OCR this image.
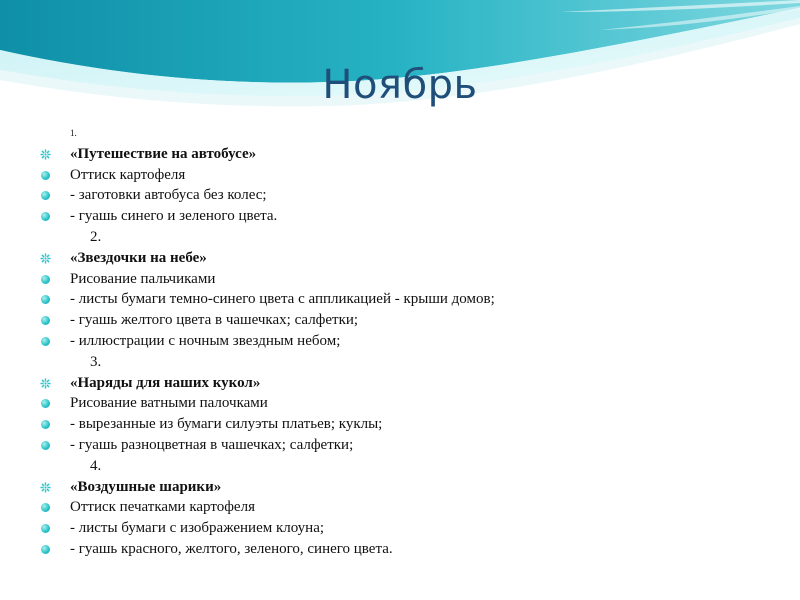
Ноябрь
$^{1.}$
«Путешествие на автобусе»
Оттиск картофеля
- заготовки автобуса без колес;
- гуашь синего и зеленого цвета.
2.
«Звездочки на небе»
Рисование пальчиками
- листы бумаги темно-синего цвета с аппликацией - крыши домов;
- гуашь желтого цвета в чашечках; салфетки;
- иллюстрации с ночным звездным небом;
3.
«Наряды для наших кукол»
Рисование ватными палочками
- вырезанные из бумаги силуэты платьев; куклы;
- гуашь разноцветная в чашечках; салфетки;
4.
«Воздушные шарики»
Оттиск печатками картофеля
- листы бумаги с изображением клоуна;
- гуашь красного, желтого, зеленого, синего цвета.
